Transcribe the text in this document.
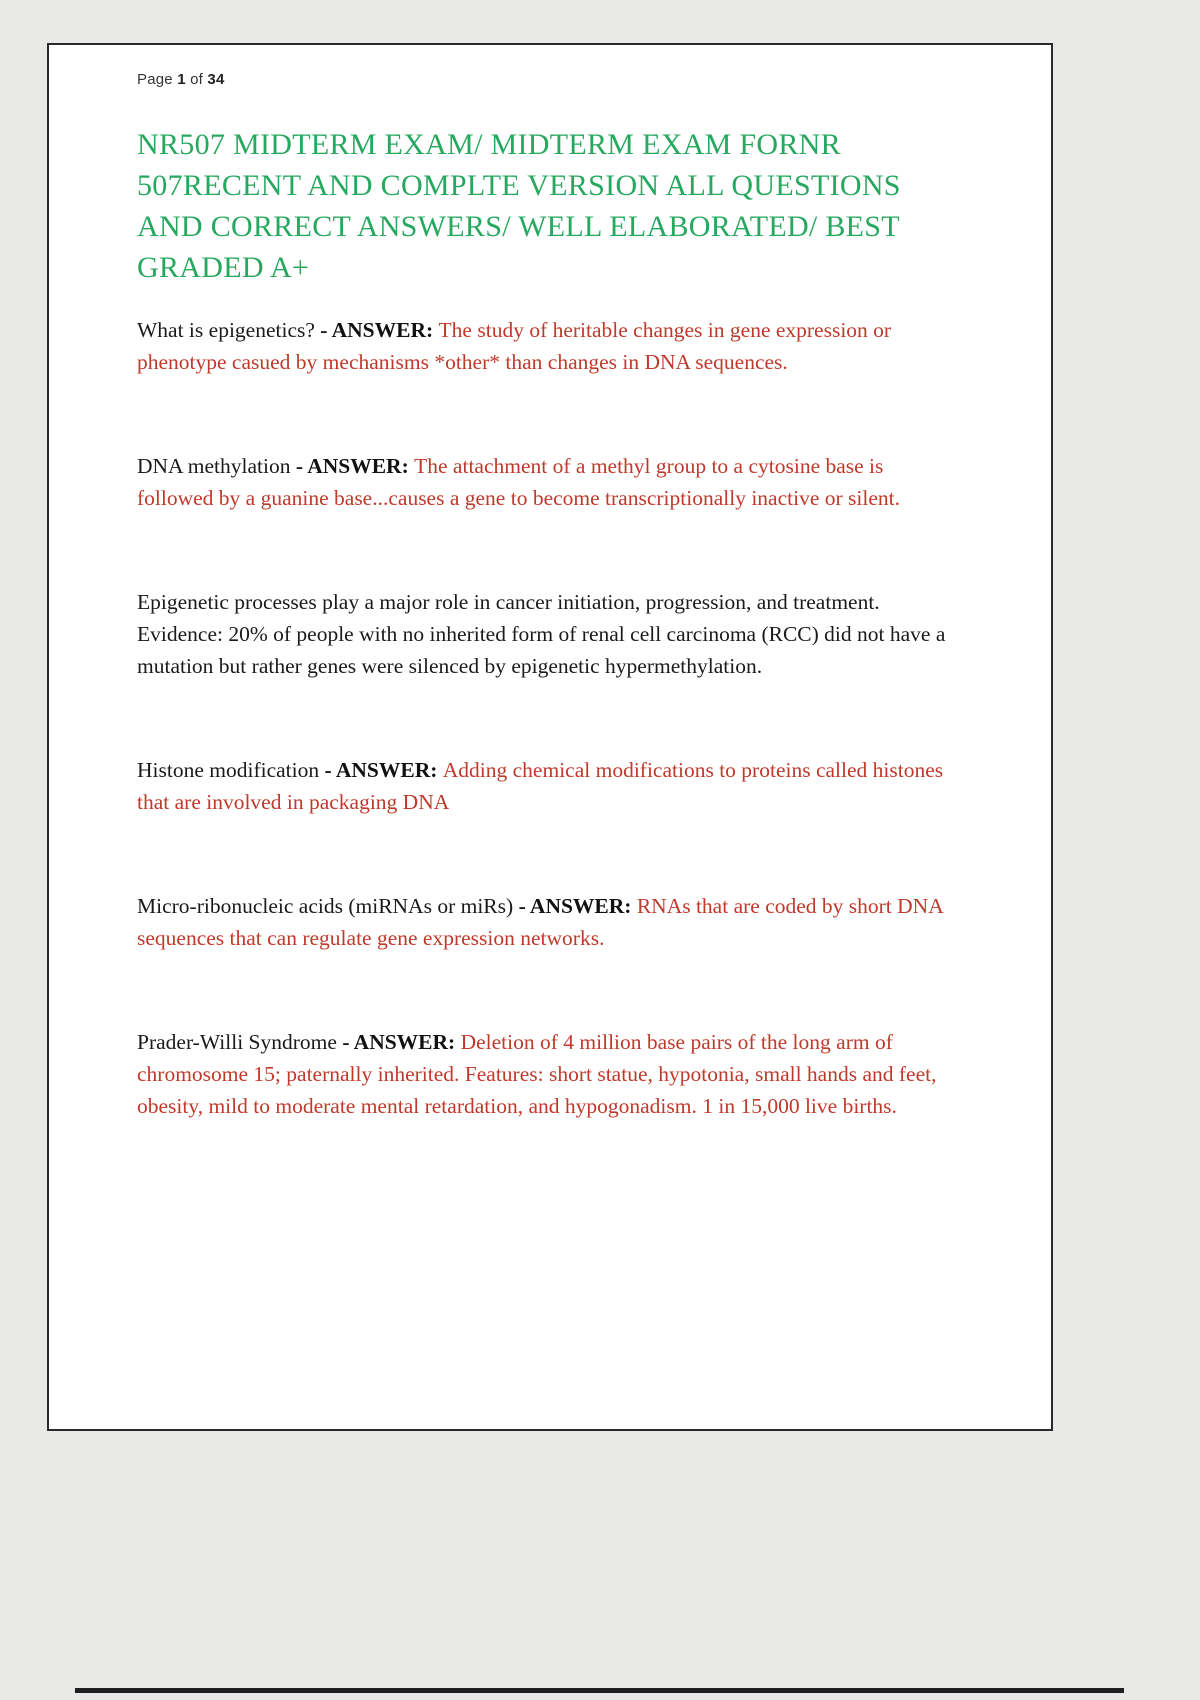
Page 1 of 34
NR507 MIDTERM EXAM/ MIDTERM EXAM FORNR 507RECENT AND COMPLTE VERSION ALL QUESTIONS AND CORRECT ANSWERS/ WELL ELABORATED/ BEST GRADED A+

What is epigenetics? - ANSWER: The study of heritable changes in gene expression or phenotype casued by mechanisms *other* than changes in DNA sequences.

DNA methylation - ANSWER: The attachment of a methyl group to a cytosine base is followed by a guanine base...causes a gene to become transcriptionally inactive or silent.

Epigenetic processes play a major role in cancer initiation, progression, and treatment. Evidence: 20% of people with no inherited form of renal cell carcinoma (RCC) did not have a mutation but rather genes were silenced by epigenetic hypermethylation.

Histone modification - ANSWER: Adding chemical modifications to proteins called histones that are involved in packaging DNA

Micro-ribonucleic acids (miRNAs or miRs) - ANSWER: RNAs that are coded by short DNA sequences that can regulate gene expression networks.

Prader-Willi Syndrome - ANSWER: Deletion of 4 million base pairs of the long arm of chromosome 15; paternally inherited. Features: short statue, hypotonia, small hands and feet, obesity, mild to moderate mental retardation, and hypogonadism. 1 in 15,000 live births.
